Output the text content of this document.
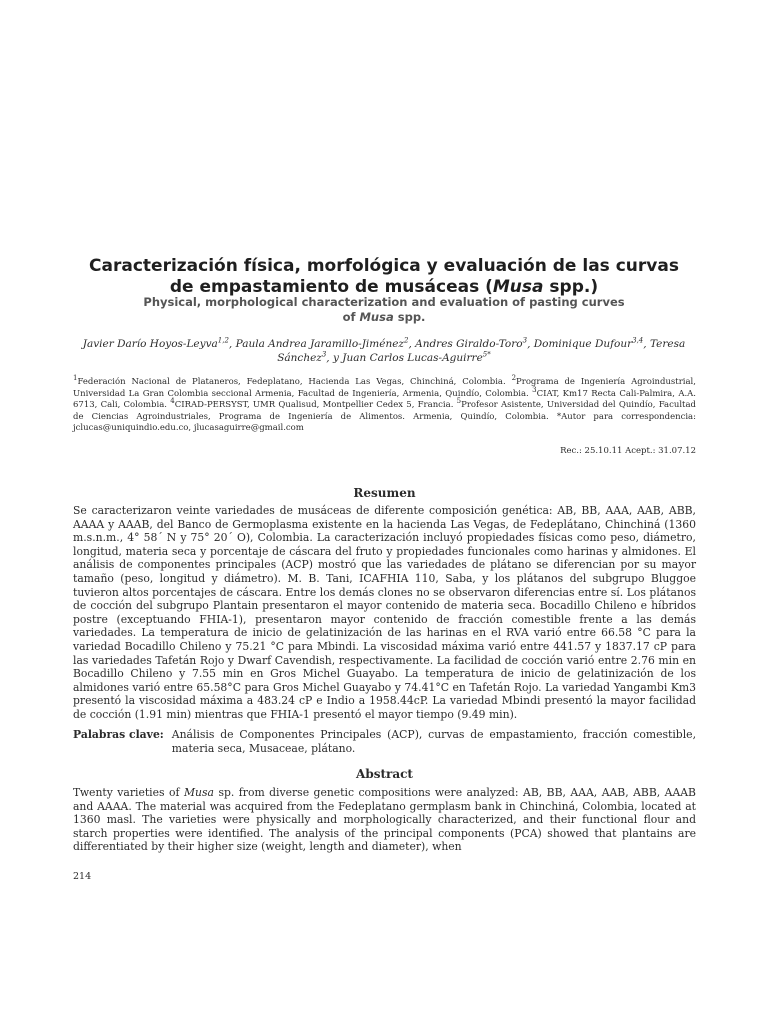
Caracterización física, morfológica y evaluación de las curvas
de empastamiento de musáceas (Musa spp.)
Physical, morphological characterization and evaluation of pasting curves
of Musa spp.
Javier Darío Hoyos-Leyva$^{1,2}$, Paula Andrea Jaramillo-Jiménez$^2$, Andres Giraldo-Toro$^3$, Dominique Dufour$^{3,4}$, Teresa Sánchez$^3$, y Juan Carlos Lucas-Aguirre$^{5*}$
$^1$Federación Nacional de Plataneros, Fedeplatano, Hacienda Las Vegas, Chinchiná, Colombia. $^2$Programa de Ingeniería Agroindustrial, Universidad La Gran Colombia seccional Armenia, Facultad de Ingeniería, Armenia, Quindío, Colombia. $^3$CIAT, Km17 Recta Cali-Palmira, A.A. 6713, Cali, Colombia. $^4$CIRAD-PERSYST, UMR Qualisud, Montpellier Cedex 5, Francia. $^5$Profesor Asistente, Universidad del Quindío, Facultad de Ciencias Agroindustriales, Programa de Ingeniería de Alimentos. Armenia, Quindío, Colombia. *Autor para correspondencia: jclucas@uniquindio.edu.co, jlucasaguirre@gmail.com
Rec.: 25.10.11 Acept.: 31.07.12
Resumen
Se caracterizaron veinte variedades de musáceas de diferente composición genética: AB, BB, AAA, AAB, ABB, AAAA y AAAB, del Banco de Germoplasma existente en la hacienda Las Vegas, de Fedeplátano, Chinchiná (1360 m.s.n.m., 4° 58´ N y 75° 20´ O), Colombia. La caracterización incluyó propiedades físicas como peso, diámetro, longitud, materia seca y porcentaje de cáscara del fruto y propiedades funcionales como harinas y almidones. El análisis de componentes principales (ACP) mostró que las variedades de plátano se diferencian por su mayor tamaño (peso, longitud y diámetro). M. B. Tani, ICAFHIA 110, Saba, y los plátanos del subgrupo Bluggoe tuvieron altos porcentajes de cáscara. Entre los demás clones no se observaron diferencias entre sí. Los plátanos de cocción del subgrupo Plantain presentaron el mayor contenido de materia seca. Bocadillo Chileno e híbridos postre (exceptuando FHIA-1), presentaron mayor contenido de fracción comestible frente a las demás variedades. La temperatura de inicio de gelatinización de las harinas en el RVA varió entre 66.58 °C para la variedad Bocadillo Chileno y 75.21 °C para Mbindi. La viscosidad máxima varió entre 441.57 y 1837.17 cP para las variedades Tafetán Rojo y Dwarf Cavendish, respectivamente. La facilidad de cocción varió entre 2.76 min en Bocadillo Chileno y 7.55 min en Gros Michel Guayabo. La temperatura de inicio de gelatinización de los almidones varió entre 65.58°C para Gros Michel Guayabo y 74.41°C en Tafetán Rojo. La variedad Yangambi Km3 presentó la viscosidad máxima a 483.24 cP e Indio a 1958.44cP. La variedad Mbindi presentó la mayor facilidad de cocción (1.91 min) mientras que FHIA-1 presentó el mayor tiempo (9.49 min).
Palabras clave: Análisis de Componentes Principales (ACP), curvas de empastamiento, fracción comestible, materia seca, Musaceae, plátano.
Abstract
Twenty varieties of Musa sp. from diverse genetic compositions were analyzed: AB, BB, AAA, AAB, ABB, AAAB and AAAA. The material was acquired from the Fedeplatano germplasm bank in Chinchiná, Colombia, located at 1360 masl. The varieties were physically and morphologically characterized, and their functional flour and starch properties were identified. The analysis of the principal components (PCA) showed that plantains are differentiated by their higher size (weight, length and diameter), when
214
